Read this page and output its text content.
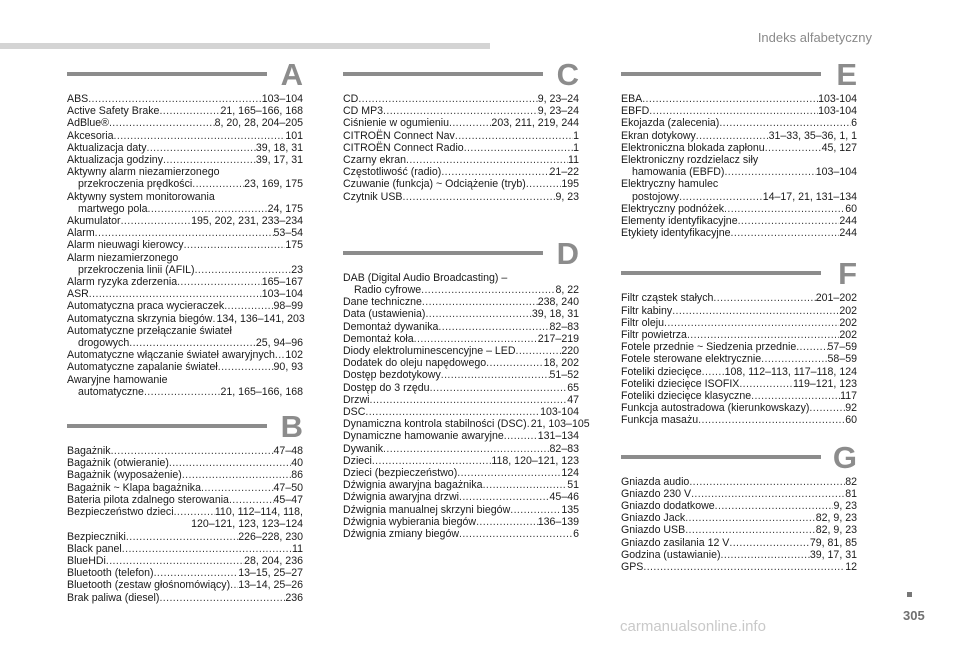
Indeks alfabetyczny
A
ABS .....	103–104
Active Safety Brake .....	21, 165–166, 168
AdBlue® .....	8, 20, 28, 204–205
Akcesoria .....	101
Aktualizacja daty .....	39, 18, 31
Aktualizacja godziny .....	39, 17, 31
Aktywny alarm niezamierzonego
przekroczenia prędkości .....	23, 169, 175
Aktywny system monitorowania
martwego pola .....	24, 175
Akumulator .....	195, 202, 231, 233–234
Alarm .....	53–54
Alarm nieuwagi kierowcy .....	175
Alarm niezamierzonego
przekroczenia linii (AFIL) .....	23
Alarm ryzyka zderzenia .....	165–167
ASR .....	103–104
Automatyczna praca wycieraczek .....	98–99
Automatyczna skrzynia biegów ..... 134, 136–141, 203
Automatyczne przełączanie świateł
drogowych .....	25, 94–96
Automatyczne włączanie świateł awaryjnych ..... 102
Automatyczne zapalanie świateł .....	90, 93
Awaryjne hamowanie
automatyczne .....	21, 165–166, 168
B
Bagażnik .....	47–48
Bagażnik (otwieranie) .....	40
Bagażnik (wyposażenie) .....	86
Bagażnik ~ Klapa bagażnika .....	47–50
Bateria pilota zdalnego sterowania .....	45–47
Bezpieczeństwo dzieci .....	110, 112–114, 118,
120–121, 123, 123–124
Bezpieczniki .....	226–228, 230
Black panel .....	11
BlueHDi .....	28, 204, 236
Bluetooth (telefon) .....	13–15, 25–27
Bluetooth (zestaw głośnomówiący) ..... 13–14, 25–26
Brak paliwa (diesel) .....	236
C
CD .....	9, 23–24
CD MP3 .....	9, 23–24
Ciśnienie w ogumieniu .....	203, 211, 219, 244
CITROËN Connect Nav .....	1
CITROËN Connect Radio .....	1
Czarny ekran .....	11
Częstotliwość (radio) .....	21–22
Czuwanie (funkcja) ~ Odciążenie (tryb) .....	195
Czytnik USB .....	9, 23
D
DAB (Digital Audio Broadcasting) –
Radio cyfrowe .....	8, 22
Dane techniczne .....	238, 240
Data (ustawienia) .....	39, 18, 31
Demontaż dywanika .....	82–83
Demontaż koła .....	217–219
Diody elektroluminescencyjne – LED .....	220
Dodatek do oleju napędowego .....	18, 202
Dostęp bezdotykowy .....	51–52
Dostęp do 3 rzędu .....	65
Drzwi .....	47
DSC .....	103-104
Dynamiczna kontrola stabilności (DSC) ..... 21, 103–105
Dynamiczne hamowanie awaryjne .....	131–134
Dywanik .....	82–83
Dzieci .....	118, 120–121, 123
Dzieci (bezpieczeństwo) .....	124
Dźwignia awaryjna bagażnika .....	51
Dźwignia awaryjna drzwi .....	45–46
Dźwignia manualnej skrzyni biegów .....	135
Dźwignia wybierania biegów .....	136–139
Dźwignia zmiany biegów .....	6
E
EBA .....	103-104
EBFD .....	103-104
Ekojazda (zalecenia) .....	6
Ekran dotykowy .....	31–33, 35–36, 1, 1
Elektroniczna blokada zapłonu .....	45, 127
Elektroniczny rozdzielacz siły
hamowania (EBFD) .....	103–104
Elektryczny hamulec
postojowy .....	14–17, 21, 131–134
Elektryczny podnóżek .....	60
Elementy identyfikacyjne .....	244
Etykiety identyfikacyjne .....	244
F
Filtr cząstek stałych .....	201–202
Filtr kabiny .....	202
Filtr oleju .....	202
Filtr powietrza .....	202
Fotele przednie ~ Siedzenia przednie .....	57–59
Fotele sterowane elektrycznie .....	58–59
Foteliki dziecięce ..... 108, 112–113, 117–118, 124
Foteliki dziecięce ISOFIX .....	119–121, 123
Foteliki dziecięce klasyczne .....	117
Funkcja autostradowa (kierunkowskazy) .....	92
Funkcja masażu .....	60
G
Gniazda audio .....	82
Gniazdo 230 V .....	81
Gniazdo dodatkowe .....	9, 23
Gniazdo Jack .....	82, 9, 23
Gniazdo USB .....	82, 9, 23
Gniazdo zasilania 12 V .....	79, 81, 85
Godzina (ustawianie) .....	39, 17, 31
GPS .....	12
305
carmanualsonline.info
